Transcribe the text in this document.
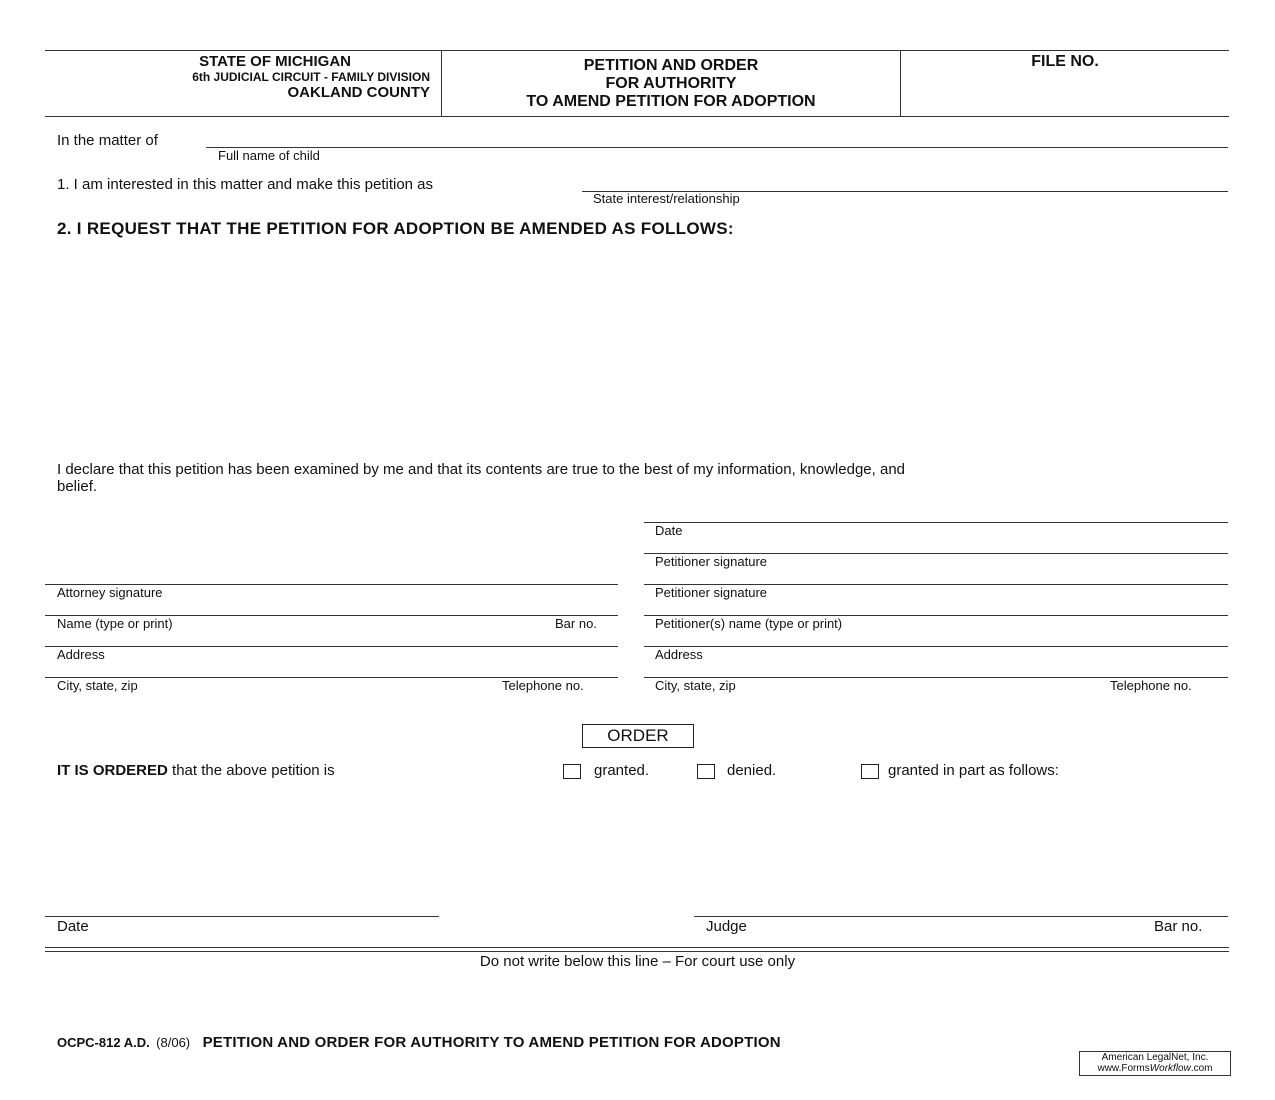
STATE OF MICHIGAN
6th JUDICIAL CIRCUIT - FAMILY DIVISION
OAKLAND COUNTY
PETITION AND ORDER
FOR AUTHORITY
TO AMEND PETITION FOR ADOPTION
FILE NO.
In the matter of
Full name of child
1. I am interested in this matter and make this petition as
State interest/relationship
2. I REQUEST THAT THE PETITION FOR ADOPTION BE AMENDED AS FOLLOWS:
I declare that this petition has been examined by me and that its contents are true to the best of my information, knowledge, and
belief.
Date
Petitioner signature
Petitioner signature
Petitioner(s) name (type or print)
Address
City, state, zip	Telephone no.
Attorney signature
Name (type or print)	Bar no.
Address
City, state, zip	Telephone no.
ORDER
IT IS ORDERED that the above petition is	granted.	denied.	granted in part as follows:
Date	Judge	Bar no.
Do not write below this line – For court use only
OCPC-812 A.D. (8/06) PETITION AND ORDER FOR AUTHORITY TO AMEND PETITION FOR ADOPTION
American LegalNet, Inc.
www.FormsWorkflow.com
